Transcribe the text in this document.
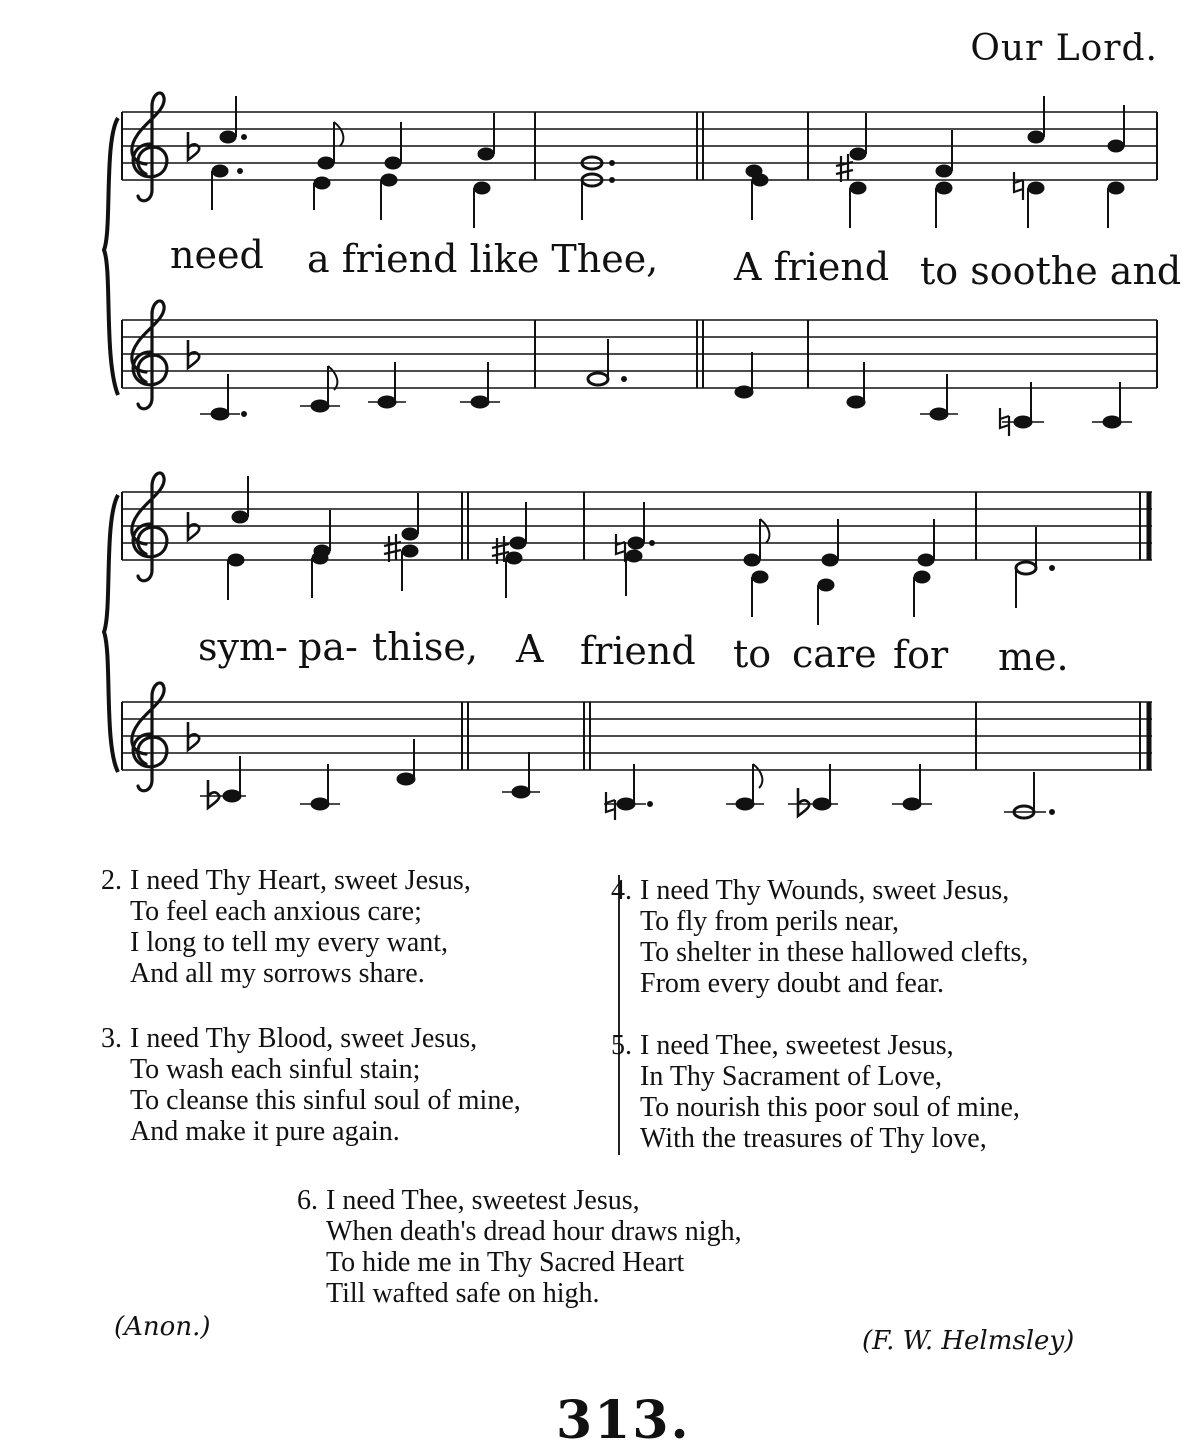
Our Lord.
need a friend like Thee, A friend to soothe and
sym- pa- thise, A friend to care for me.
2. I need Thy Heart, sweet Jesus,
To feel each anxious care;
I long to tell my every want,
And all my sorrows share.
3. I need Thy Blood, sweet Jesus,
To wash each sinful stain;
To cleanse this sinful soul of mine,
And make it pure again.
4. I need Thy Wounds, sweet Jesus,
To fly from perils near,
To shelter in these hallowed clefts,
From every doubt and fear.
5. I need Thee, sweetest Jesus,
In Thy Sacrament of Love,
To nourish this poor soul of mine,
With the treasures of Thy love,
6. I need Thee, sweetest Jesus,
When death's dread hour draws nigh,
To hide me in Thy Sacred Heart
Till wafted safe on high.
(Anon.)	(F. W. Helmsley)
313.
